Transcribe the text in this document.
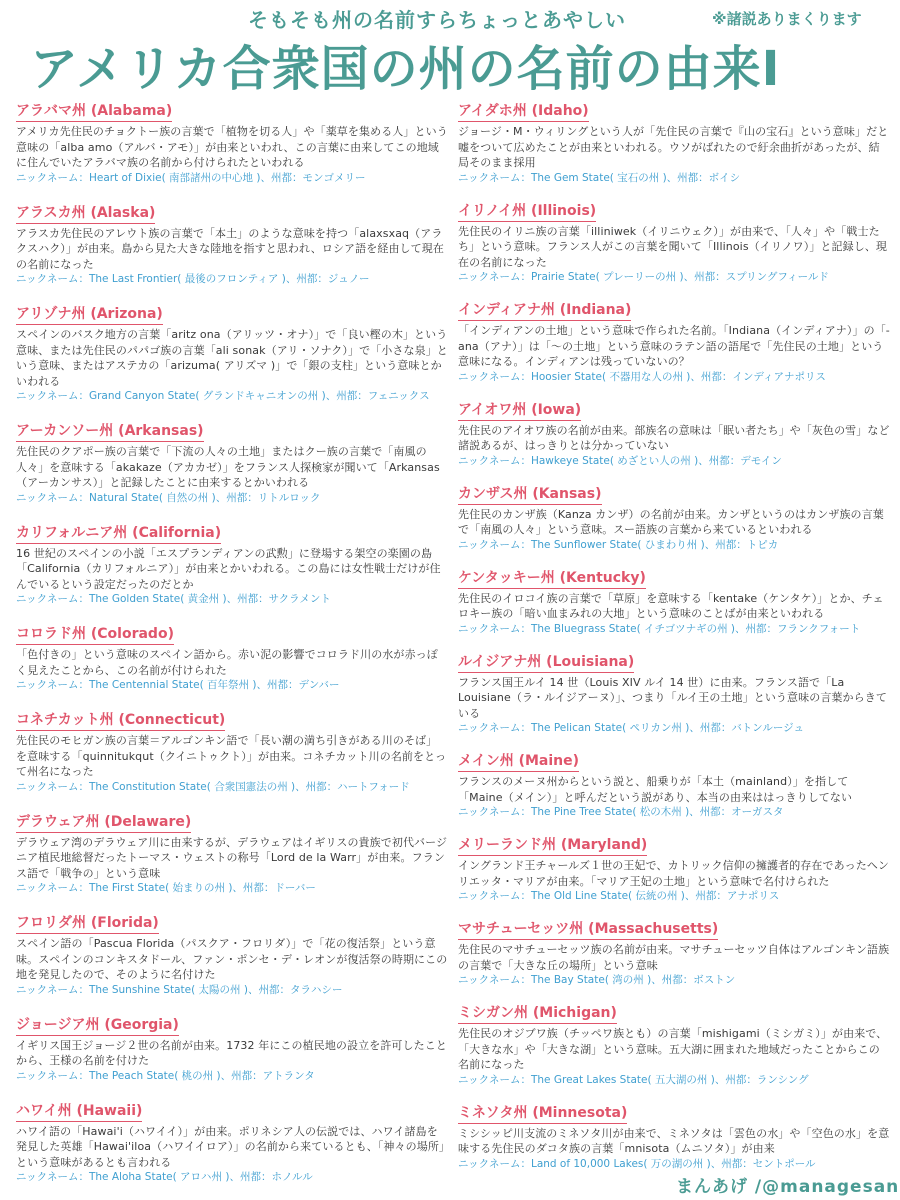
そもそも州の名前すらちょっとあやしい	※諸説ありまくります
アメリカ合衆国の州の名前の由来Ⅰ
アラバマ州 (Alabama)

アメリカ先住民のチョクトー族の言葉で「植物を切る人」や「薬草を集める人」という意味の「alba amo（アルバ・アモ）」が由来といわれ、この言葉に由来してこの地域に住んでいたアラバマ族の名前から付けられたといわれる

ニックネーム：Heart of Dixie( 南部諸州の中心地 )、州都：モンゴメリー

アラスカ州 (Alaska)

アラスカ先住民のアレウト族の言葉で「本土」のような意味を持つ「alaxsxaq（アラクスハク）」が由来。島から見た大きな陸地を指すと思われ、ロシア語を経由して現在の名前になった

ニックネーム：The Last Frontier( 最後のフロンティア )、州都：ジュノー

アリゾナ州 (Arizona)

スペインのバスク地方の言葉「aritz ona（アリッツ・オナ）」で「良い樫の木」という意味、または先住民のパパゴ族の言葉「ali sonak（アリ・ソナク）」で「小さな泉」という意味、またはアステカの「arizuma( アリズマ )」で「銀の支柱」という意味とかいわれる

ニックネーム：Grand Canyon State( グランドキャニオンの州 )、州都：フェニックス

アーカンソー州 (Arkansas)

先住民のクアポー族の言葉で「下流の人々の土地」またはクー族の言葉で「南風の人々」を意味する「akakaze（アカカゼ）」をフランス人探検家が聞いて「Arkansas（アーカンサス）」と記録したことに由来するとかいわれる

ニックネーム：Natural State( 自然の州 )、州都：リトルロック

カリフォルニア州 (California)

16 世紀のスペインの小説「エスプランディアンの武勲」に登場する架空の楽園の島「California（カリフォルニア）」が由来とかいわれる。この島には女性戦士だけが住んでいるという設定だったのだとか

ニックネーム：The Golden State( 黄金州 )、州都：サクラメント

コロラド州 (Colorado)

「色付きの」という意味のスペイン語から。赤い泥の影響でコロラド川の水が赤っぽく見えたことから、この名前が付けられた

ニックネーム：The Centennial State( 百年祭州 )、州都：デンバー

コネチカット州 (Connecticut)

先住民のモヒガン族の言葉＝アルゴンキン語で「長い潮の満ち引きがある川のそば」を意味する「quinnitukqut（クイニトゥクト）」が由来。コネチカット川の名前をとって州名になった

ニックネーム：The Constitution State( 合衆国憲法の州 )、州都：ハートフォード

デラウェア州 (Delaware)

デラウェア湾のデラウェア川に由来するが、デラウェアはイギリスの貴族で初代バージニア植民地総督だったトーマス・ウェストの称号「Lord de la Warr」が由来。フランス語で「戦争の」という意味

ニックネーム：The First State( 始まりの州 )、州都：ドーバー

フロリダ州 (Florida)

スペイン語の「Pascua Florida（パスクア・フロリダ）」で「花の復活祭」という意味。スペインのコンキスタドール、ファン・ポンセ・デ・レオンが復活祭の時期にこの地を発見したので、そのように名付けた

ニックネーム：The Sunshine State( 太陽の州 )、州都：タラハシー

ジョージア州 (Georgia)

イギリス国王ジョージ２世の名前が由来。1732 年にこの植民地の設立を許可したことから、王様の名前を付けた

ニックネーム：The Peach State( 桃の州 )、州都：アトランタ

ハワイ州 (Hawaii)

ハワイ語の「Hawai'i（ハワイイ）」が由来。ポリネシア人の伝説では、ハワイ諸島を発見した英雄「Hawai'iloa（ハワイイロア）」の名前から来ているとも、「神々の場所」という意味があるとも言われる

ニックネーム：The Aloha State( アロハ州 )、州都：ホノルル

アイダホ州 (Idaho)

ジョージ・M・ウィリングという人が「先住民の言葉で『山の宝石』という意味」だと嘘をついて広めたことが由来といわれる。ウソがばれたので紆余曲折があったが、結局そのまま採用

ニックネーム：The Gem State( 宝石の州 )、州都：ボイシ

イリノイ州 (Illinois)

先住民のイリニ族の言葉「illiniwek（イリニウェク）」が由来で、「人々」や「戦士たち」という意味。フランス人がこの言葉を聞いて「Illinois（イリノワ）」と記録し、現在の名前になった

ニックネーム：Prairie State( プレーリーの州 )、州都：スプリングフィールド

インディアナ州 (Indiana)

「インディアンの土地」という意味で作られた名前。「Indiana（インディアナ）」の「-ana（アナ）」は「～の土地」という意味のラテン語の語尾で「先住民の土地」という意味になる。インディアンは残っていないの？

ニックネーム：Hoosier State( 不器用な人の州 )、州都：インディアナポリス

アイオワ州 (Iowa)

先住民のアイオワ族の名前が由来。部族名の意味は「眠い者たち」や「灰色の雪」など諸説あるが、はっきりとは分かっていない

ニックネーム：Hawkeye State( めざとい人の州 )、州都：デモイン

カンザス州 (Kansas)

先住民のカンザ族（Kanza カンザ）の名前が由来。カンザというのはカンザ族の言葉で「南風の人々」という意味。スー語族の言葉から来ているといわれる

ニックネーム：The Sunflower State( ひまわり州 )、州都：トピカ

ケンタッキー州 (Kentucky)

先住民のイロコイ族の言葉で「草原」を意味する「kentake（ケンタケ）」とか、チェロキー族の「暗い血まみれの大地」という意味のことばが由来といわれる

ニックネーム：The Bluegrass State( イチゴツナギの州 )、州都：フランクフォート

ルイジアナ州 (Louisiana)

フランス国王ルイ 14 世（Louis XIV ルイ 14 世）に由来。フランス語で「La Louisiane（ラ・ルイジアーヌ）」、つまり「ルイ王の土地」という意味の言葉からきている

ニックネーム：The Pelican State( ペリカン州 )、州都：バトンルージュ

メイン州 (Maine)

フランスのメーヌ州からという説と、船乗りが「本土（mainland）」を指して「Maine（メイン）」と呼んだという説があり、本当の由来ははっきりしてない

ニックネーム：The Pine Tree State( 松の木州 )、州都：オーガスタ

メリーランド州 (Maryland)

イングランド王チャールズ１世の王妃で、カトリック信仰の擁護者的存在であったヘンリエッタ・マリアが由来。「マリア王妃の土地」という意味で名付けられた

ニックネーム：The Old Line State( 伝統の州 )、州都：アナポリス

マサチューセッツ州 (Massachusetts)

先住民のマサチューセッツ族の名前が由来。マサチューセッツ自体はアルゴンキン語族の言葉で「大きな丘の場所」という意味

ニックネーム：The Bay State( 湾の州 )、州都：ボストン

ミシガン州 (Michigan)

先住民のオジブワ族（チッペワ族とも）の言葉「mishigami（ミシガミ）」が由来で、「大きな水」や「大きな湖」という意味。五大湖に囲まれた地域だったことからこの名前になった

ニックネーム：The Great Lakes State( 五大湖の州 )、州都：ランシング

ミネソタ州 (Minnesota)

ミシシッピ川支流のミネソタ川が由来で、ミネソタは「雲色の水」や「空色の水」を意味する先住民のダコタ族の言葉「mnisota（ムニソタ）」が由来

ニックネーム：Land of 10,000 Lakes( 万の湖の州 )、州都：セントポール

まんあげ /@managesan
